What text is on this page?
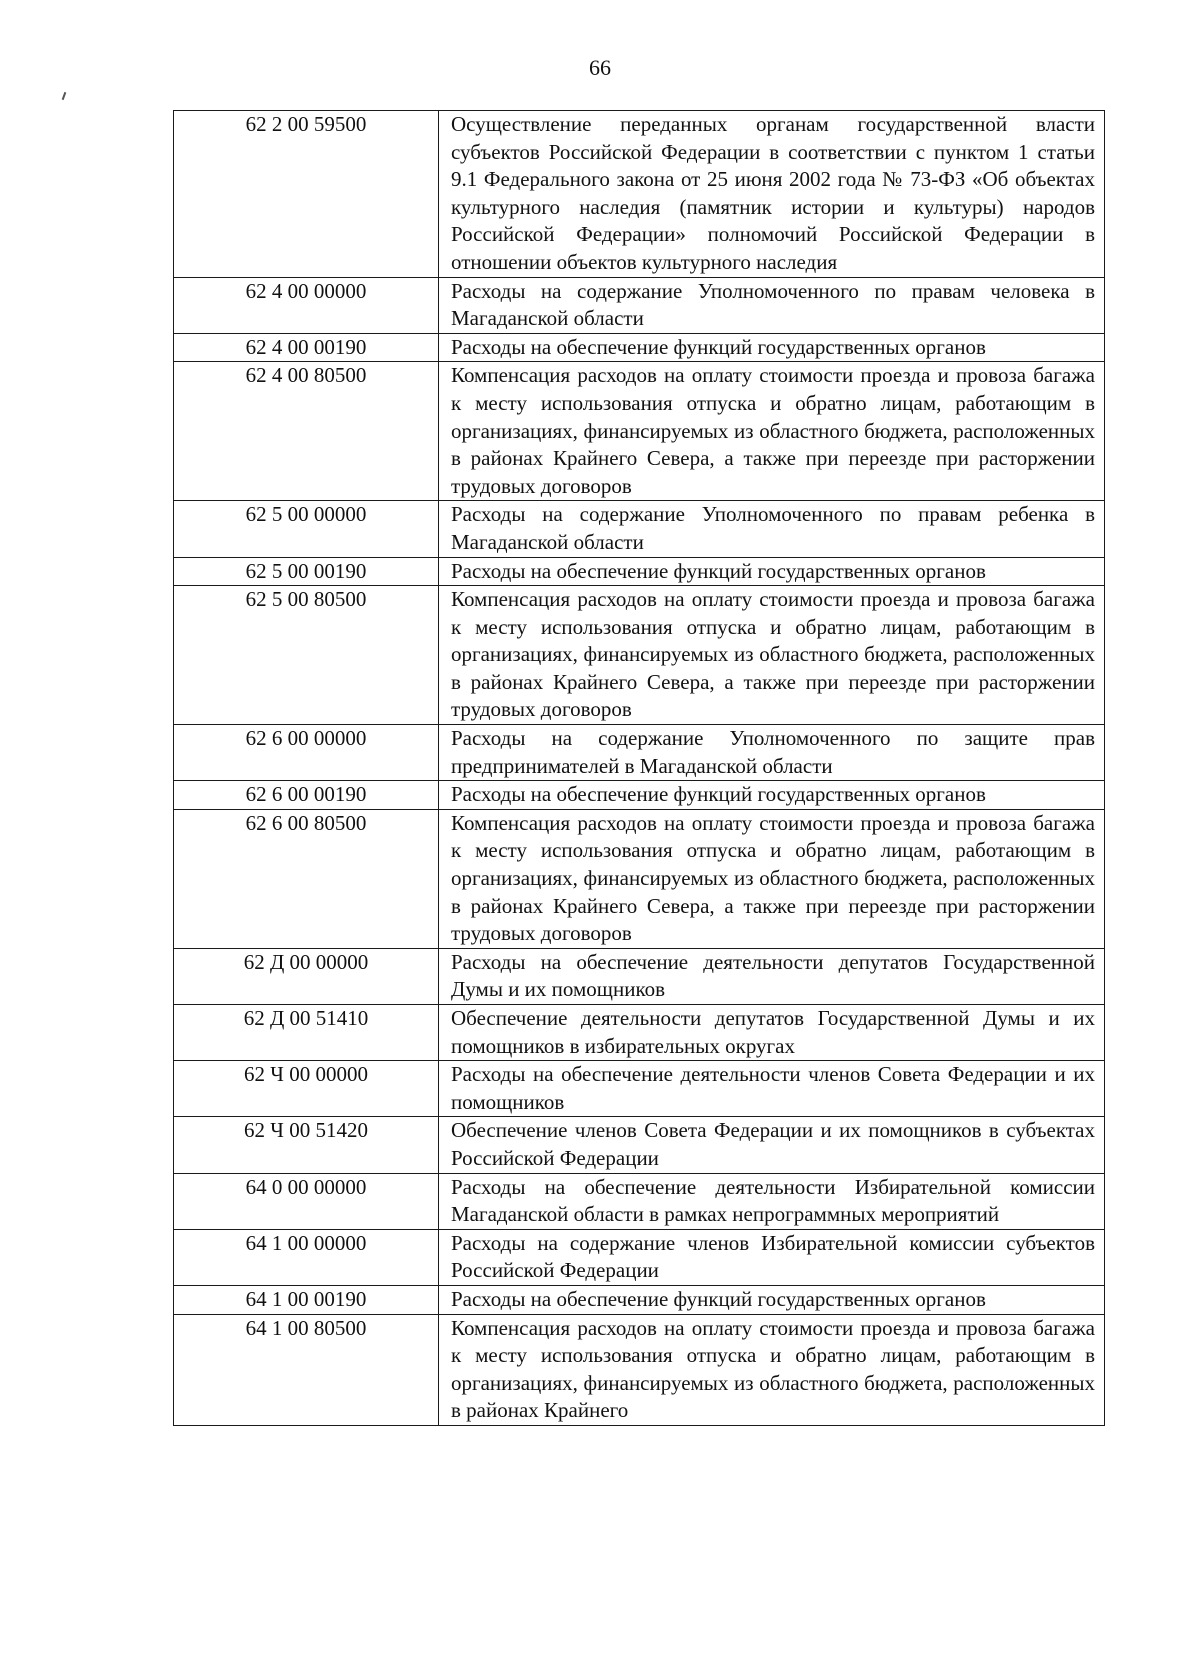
66
62 2 00 59500	Осуществление переданных органам государственной власти субъектов Российской Федерации в соответствии с пунктом 1 статьи 9.1 Федерального закона от 25 июня 2002 года № 73-ФЗ «Об объектах культурного наследия (памятник истории и культуры) народов Российской Федерации» полномочий Российской Федерации в отношении объектов культурного наследия
62 4 00 00000	Расходы на содержание Уполномоченного по правам человека в Магаданской области
62 4 00 00190	Расходы на обеспечение функций государственных органов
62 4 00 80500	Компенсация расходов на оплату стоимости проезда и провоза багажа к месту использования отпуска и обратно лицам, работающим в организациях, финансируемых из областного бюджета, расположенных в районах Крайнего Севера, а также при переезде при расторжении трудовых договоров
62 5 00 00000	Расходы на содержание Уполномоченного по правам ребенка в Магаданской области
62 5 00 00190	Расходы на обеспечение функций государственных органов
62 5 00 80500	Компенсация расходов на оплату стоимости проезда и провоза багажа к месту использования отпуска и обратно лицам, работающим в организациях, финансируемых из областного бюджета, расположенных в районах Крайнего Севера, а также при переезде при расторжении трудовых договоров
62 6 00 00000	Расходы на содержание Уполномоченного по защите прав предпринимателей в Магаданской области
62 6 00 00190	Расходы на обеспечение функций государственных органов
62 6 00 80500	Компенсация расходов на оплату стоимости проезда и провоза багажа к месту использования отпуска и обратно лицам, работающим в организациях, финансируемых из областного бюджета, расположенных в районах Крайнего Севера, а также при переезде при расторжении трудовых договоров
62 Д 00 00000	Расходы на обеспечение деятельности депутатов Государственной Думы и их помощников
62 Д 00 51410	Обеспечение деятельности депутатов Государственной Думы и их помощников в избирательных округах
62 Ч 00 00000	Расходы на обеспечение деятельности членов Совета Федерации и их помощников
62 Ч 00 51420	Обеспечение членов Совета Федерации и их помощников в субъектах Российской Федерации
64 0 00 00000	Расходы на обеспечение деятельности Избирательной комиссии Магаданской области в рамках непрограммных мероприятий
64 1 00 00000	Расходы на содержание членов Избирательной комиссии субъектов Российской Федерации
64 1 00 00190	Расходы на обеспечение функций государственных органов
64 1 00 80500	Компенсация расходов на оплату стоимости проезда и провоза багажа к месту использования отпуска и обратно лицам, работающим в организациях, финансируемых из областного бюджета, расположенных в районах Крайнего
